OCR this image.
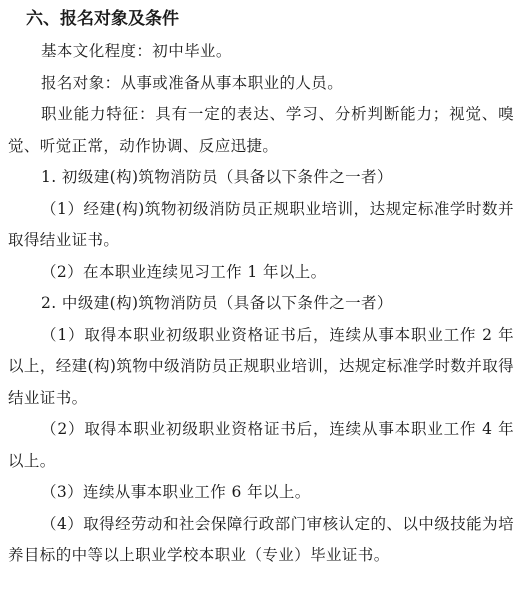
六、报名对象及条件

基本文化程度：初中毕业。

报名对象：从事或准备从事本职业的人员。

职业能力特征：具有一定的表达、学习、分析判断能力；视觉、嗅觉、听觉正常，动作协调、反应迅捷。

1. 初级建(构)筑物消防员（具备以下条件之一者）

（1）经建(构)筑物初级消防员正规职业培训，达规定标准学时数并取得结业证书。

（2）在本职业连续见习工作 1 年以上。

2. 中级建(构)筑物消防员（具备以下条件之一者）

（1）取得本职业初级职业资格证书后，连续从事本职业工作 2 年以上，经建(构)筑物中级消防员正规职业培训，达规定标准学时数并取得结业证书。

（2）取得本职业初级职业资格证书后，连续从事本职业工作 4 年以上。

（3）连续从事本职业工作 6 年以上。

（4）取得经劳动和社会保障行政部门审核认定的、以中级技能为培养目标的中等以上职业学校本职业（专业）毕业证书。
